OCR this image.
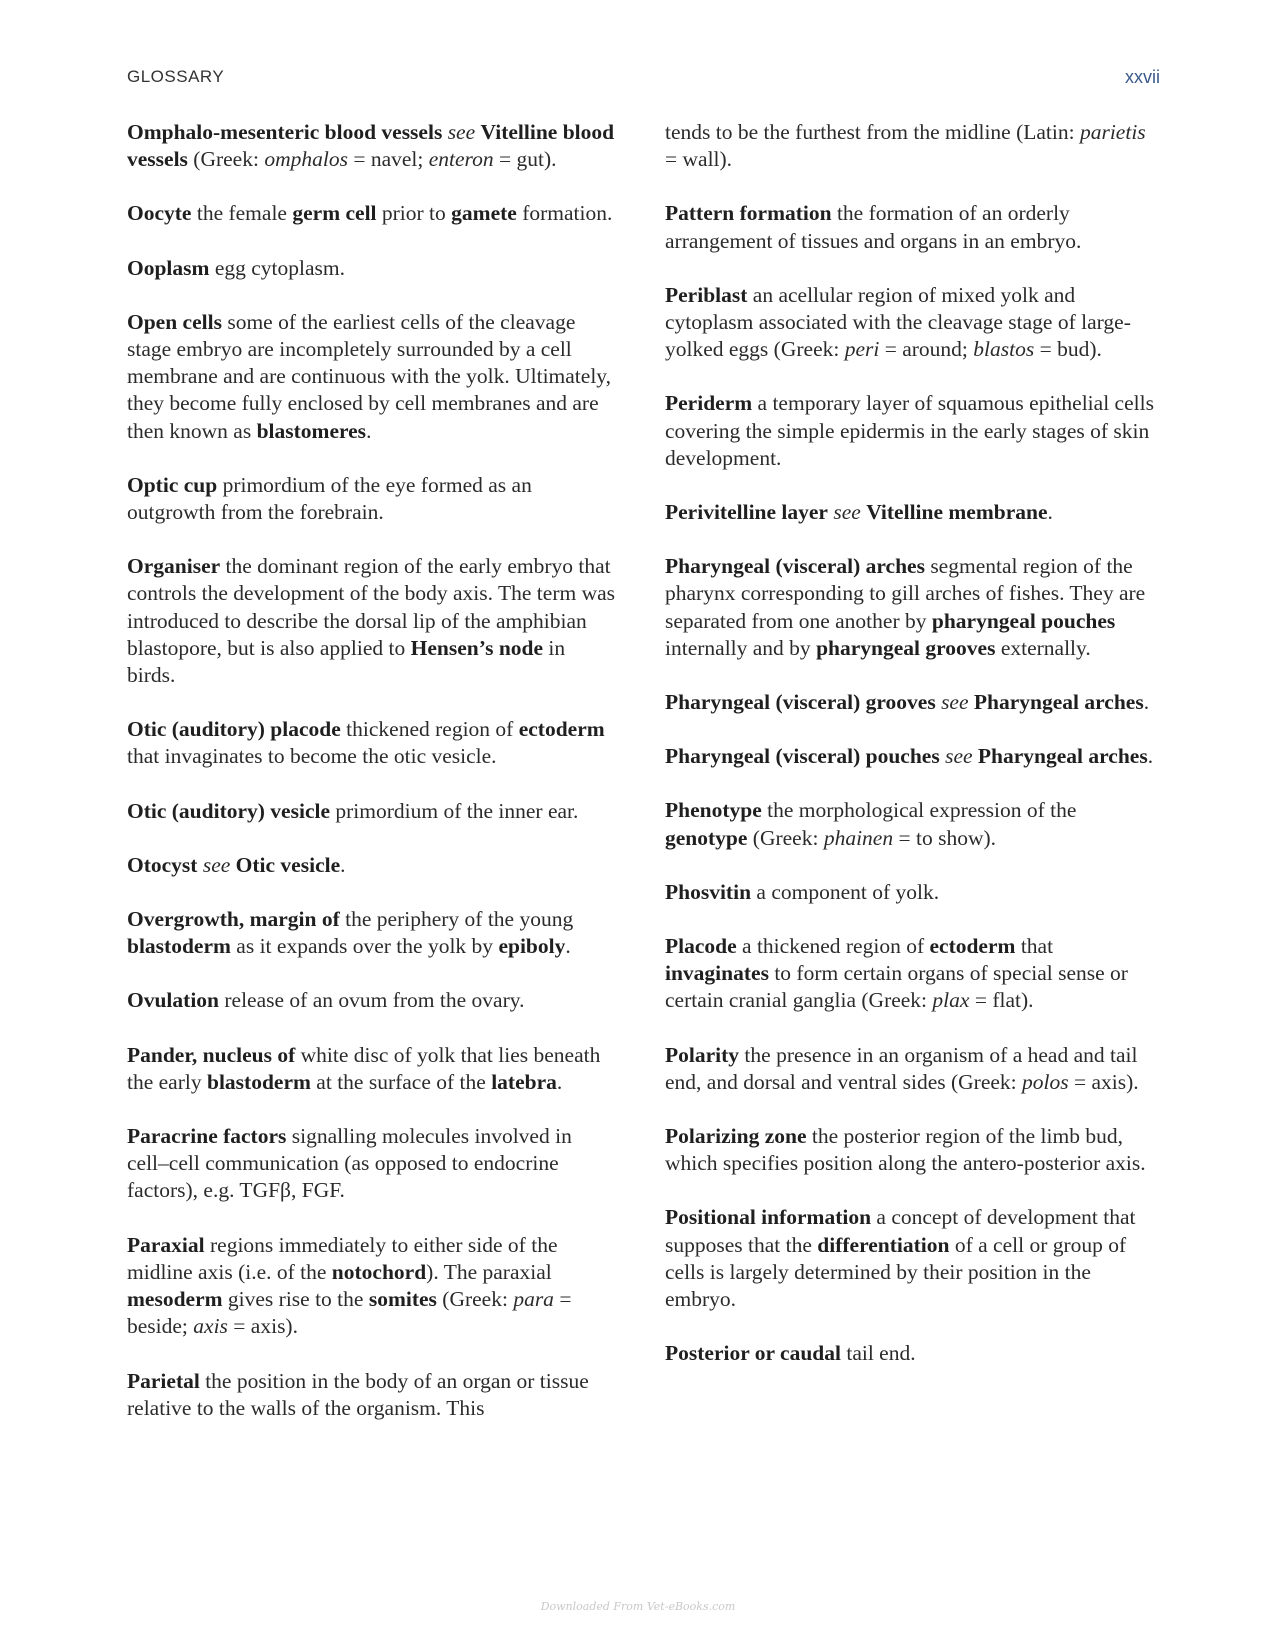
GLOSSARY	xxvii

Omphalo-mesenteric blood vessels see Vitelline blood vessels (Greek: omphalos = navel; enteron = gut).

Oocyte the female germ cell prior to gamete formation.

Ooplasm egg cytoplasm.

Open cells some of the earliest cells of the cleavage stage embryo are incompletely surrounded by a cell membrane and are continuous with the yolk. Ultimately, they become fully enclosed by cell membranes and are then known as blastomeres.

Optic cup primordium of the eye formed as an outgrowth from the forebrain.

Organiser the dominant region of the early embryo that controls the development of the body axis. The term was introduced to describe the dorsal lip of the amphibian blastopore, but is also applied to Hensen’s node in birds.

Otic (auditory) placode thickened region of ectoderm that invaginates to become the otic vesicle.

Otic (auditory) vesicle primordium of the inner ear.

Otocyst see Otic vesicle.

Overgrowth, margin of the periphery of the young blastoderm as it expands over the yolk by epiboly.

Ovulation release of an ovum from the ovary.

Pander, nucleus of white disc of yolk that lies beneath the early blastoderm at the surface of the latebra.

Paracrine factors signalling molecules involved in cell–cell communication (as opposed to endocrine factors), e.g. TGFβ, FGF.

Paraxial regions immediately to either side of the midline axis (i.e. of the notochord). The paraxial mesoderm gives rise to the somites (Greek: para = beside; axis = axis).

Parietal the position in the body of an organ or tissue relative to the walls of the organism. This

tends to be the furthest from the midline (Latin: parietis = wall).

Pattern formation the formation of an orderly arrangement of tissues and organs in an embryo.

Periblast an acellular region of mixed yolk and cytoplasm associated with the cleavage stage of large-yolked eggs (Greek: peri = around; blastos = bud).

Periderm a temporary layer of squamous epithelial cells covering the simple epidermis in the early stages of skin development.

Perivitelline layer see Vitelline membrane.

Pharyngeal (visceral) arches segmental region of the pharynx corresponding to gill arches of fishes. They are separated from one another by pharyngeal pouches internally and by pharyngeal grooves externally.

Pharyngeal (visceral) grooves see Pharyngeal arches.

Pharyngeal (visceral) pouches see Pharyngeal arches.

Phenotype the morphological expression of the genotype (Greek: phainen = to show).

Phosvitin a component of yolk.

Placode a thickened region of ectoderm that invaginates to form certain organs of special sense or certain cranial ganglia (Greek: plax = flat).

Polarity the presence in an organism of a head and tail end, and dorsal and ventral sides (Greek: polos = axis).

Polarizing zone the posterior region of the limb bud, which specifies position along the antero-posterior axis.

Positional information a concept of development that supposes that the differentiation of a cell or group of cells is largely determined by their position in the embryo.

Posterior or caudal tail end.

Downloaded From Vet-eBooks.com
